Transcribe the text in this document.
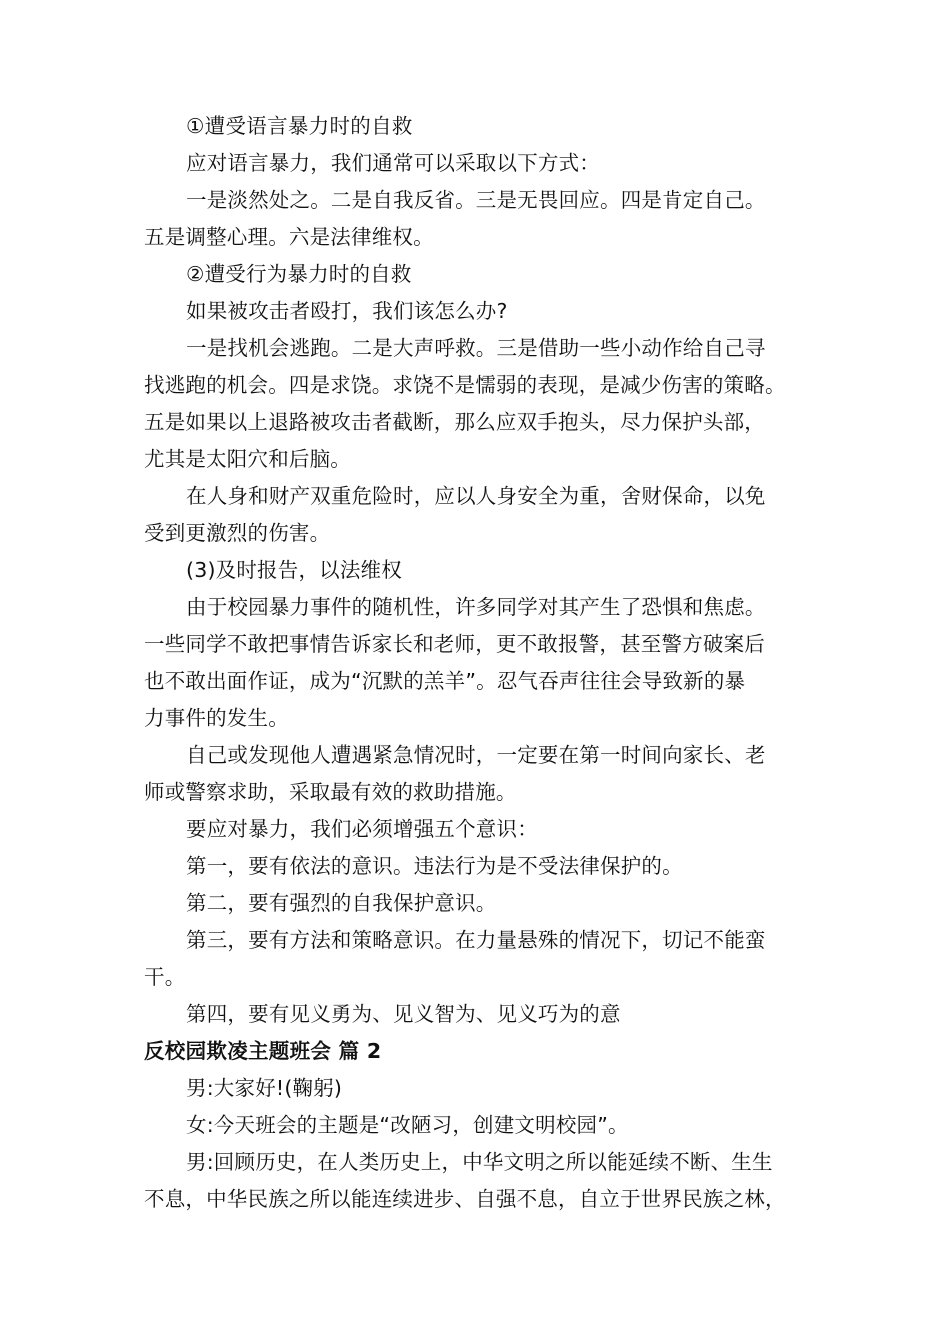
①遭受语言暴力时的自救

应对语言暴力，我们通常可以采取以下方式：

一是淡然处之。二是自我反省。三是无畏回应。四是肯定自己。
五是调整心理。六是法律维权。

②遭受行为暴力时的自救

如果被攻击者殴打，我们该怎么办?

一是找机会逃跑。二是大声呼救。三是借助一些小动作给自己寻
找逃跑的机会。四是求饶。求饶不是懦弱的表现，是减少伤害的策略。
五是如果以上退路被攻击者截断，那么应双手抱头，尽力保护头部，
尤其是太阳穴和后脑。

在人身和财产双重危险时，应以人身安全为重，舍财保命，以免
受到更激烈的伤害。

(3)及时报告，以法维权

由于校园暴力事件的随机性，许多同学对其产生了恐惧和焦虑。
一些同学不敢把事情告诉家长和老师，更不敢报警，甚至警方破案后
也不敢出面作证，成为“沉默的羔羊”。忍气吞声往往会导致新的暴
力事件的发生。

自己或发现他人遭遇紧急情况时，一定要在第一时间向家长、老
师或警察求助，采取最有效的救助措施。

要应对暴力，我们必须增强五个意识：

第一，要有依法的意识。违法行为是不受法律保护的。

第二，要有强烈的自我保护意识。

第三，要有方法和策略意识。在力量悬殊的情况下，切记不能蛮
干。

第四，要有见义勇为、见义智为、见义巧为的意

反校园欺凌主题班会 篇 2

男:大家好!(鞠躬)

女:今天班会的主题是“改陋习，创建文明校园”。

男:回顾历史，在人类历史上，中华文明之所以能延续不断、生生
不息，中华民族之所以能连续进步、自强不息，自立于世界民族之林，
